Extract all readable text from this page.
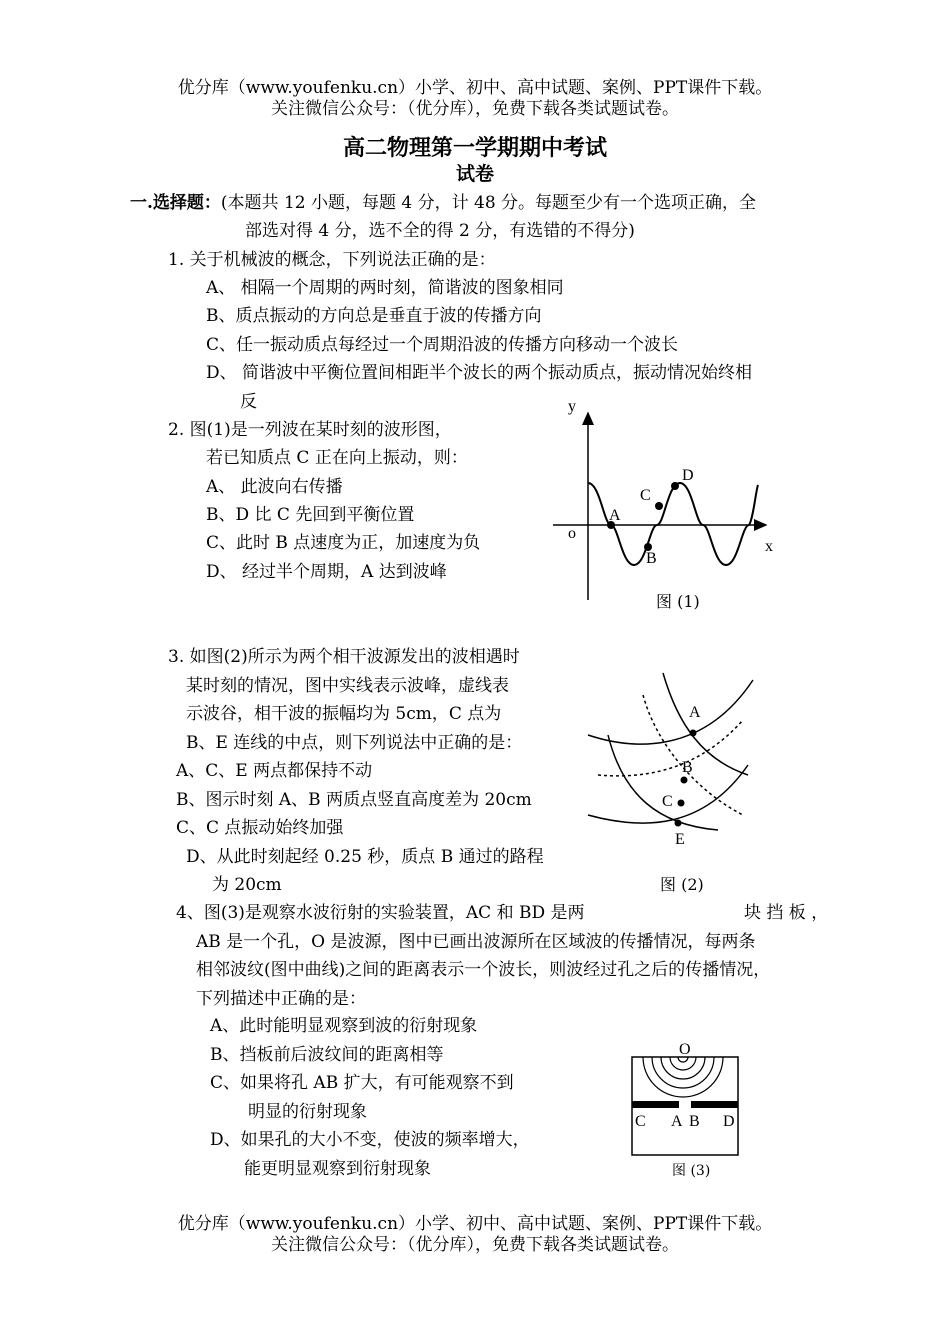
优分库（www.youfenku.cn）小学、初中、高中试题、案例、PPT课件下载。
关注微信公众号：（优分库），免费下载各类试题试卷。
高二物理第一学期期中考试
试卷
一.选择题：(本题共 12 小题，每题 4 分，计 48 分。每题至少有一个选项正确，全
部选对得 4 分，选不全的得 2 分，有选错的不得分)
1. 关于机械波的概念，下列说法正确的是：
A、 相隔一个周期的两时刻，简谐波的图象相同
B、质点振动的方向总是垂直于波的传播方向
C、任一振动质点每经过一个周期沿波的传播方向移动一个波长
D、 简谐波中平衡位置间相距半个波长的两个振动质点，振动情况始终相
反
2. 图(1)是一列波在某时刻的波形图，
若已知质点 C 正在向上振动，则：
A、 此波向右传播
B、D 比 C 先回到平衡位置
C、此时 B 点速度为正，加速度为负
D、 经过半个周期，A 达到波峰
y
x
o
A
B
C
D
图 (1)
3. 如图(2)所示为两个相干波源发出的波相遇时
某时刻的情况，图中实线表示波峰，虚线表
示波谷，相干波的振幅均为 5cm，C 点为
B、E 连线的中点，则下列说法中正确的是：
A、C、E 两点都保持不动
B、图示时刻 A、B 两质点竖直高度差为 20cm
C、C 点振动始终加强
D、从此时刻起经 0.25 秒，质点 B 通过的路程
为 20cm
A
B
C
E
图 (2)
4、图(3)是观察水波衍射的实验装置，AC 和 BD 是两	块 挡 板 ，
AB 是一个孔，O 是波源，图中已画出波源所在区域波的传播情况，每两条
相邻波纹(图中曲线)之间的距离表示一个波长，则波经过孔之后的传播情况，
下列描述中正确的是：
A、此时能明显观察到波的衍射现象
B、挡板前后波纹间的距离相等
C、如果将孔 AB 扩大，有可能观察不到
明显的衍射现象
D、如果孔的大小不变，使波的频率增大，
能更明显观察到衍射现象
O
C A B D
图 (3)
优分库（www.youfenku.cn）小学、初中、高中试题、案例、PPT课件下载。
关注微信公众号：（优分库），免费下载各类试题试卷。
